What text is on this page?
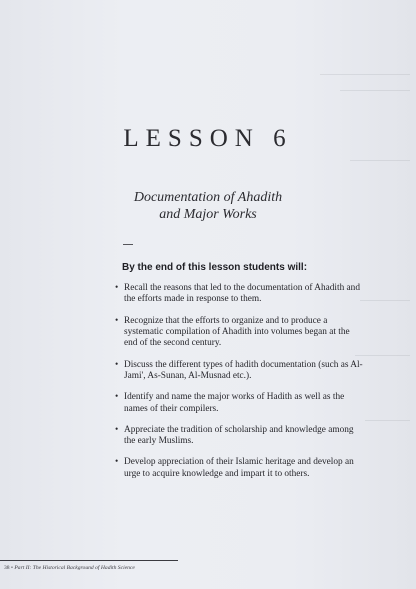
LESSON 6
Documentation of Ahadith
and Major Works
By the end of this lesson students will:
• Recall the reasons that led to the documentation of Ahadith and the efforts made in response to them.
• Recognize that the efforts to organize and to produce a systematic compilation of Ahadith into volumes began at the end of the second century.
• Discuss the different types of hadith documentation (such as Al-Jami', As-Sunan, Al-Musnad etc.).
• Identify and name the major works of Hadith as well as the names of their compilers.
• Appreciate the tradition of scholarship and knowledge among the early Muslims.
• Develop appreciation of their Islamic heritage and develop an urge to acquire knowledge and impart it to others.
38 • Part II: The Historical Background of Hadith Science
